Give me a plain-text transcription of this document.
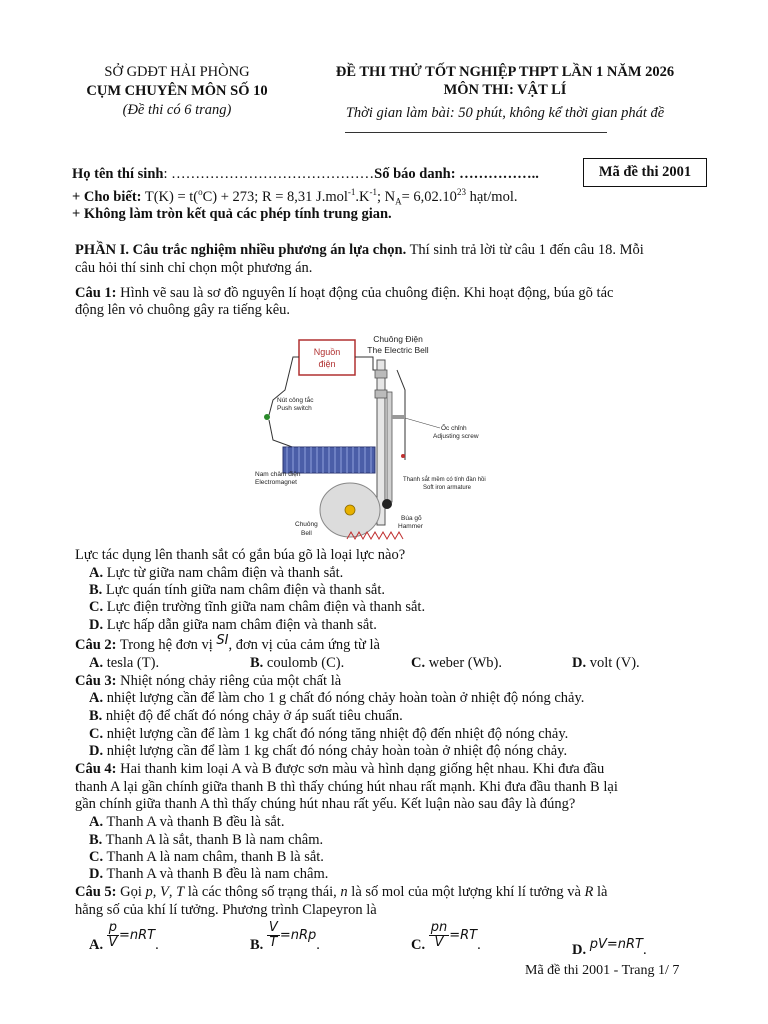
SỞ GDĐT HẢI PHÒNG
CỤM CHUYÊN MÔN SỐ 10
(Đề thi có 6 trang)
ĐỀ THI THỬ TỐT NGHIỆP THPT LẦN 1 NĂM 2026
MÔN THI: VẬT LÍ
Thời gian làm bài: 50 phút, không kể thời gian phát đề
Họ tên thí sinh: ……………………………………Số báo danh: ……………..	Mã đề thi 2001
+ Cho biết: T(K) = t($^o$C) + 273; R = 8,31 $J.mol^{-1}.K^{-1}$; $N_A= 6,02.10^{23}$ hạt/mol.
+ Không làm tròn kết quả các phép tính trung gian.
PHẦN I. Câu trắc nghiệm nhiều phương án lựa chọn. Thí sinh trả lời từ câu 1 đến câu 18. Mỗi
câu hỏi thí sinh chỉ chọn một phương án.
Câu 1: Hình vẽ sau là sơ đồ nguyên lí hoạt động của chuông điện. Khi hoạt động, búa gõ tác
động lên vỏ chuông gây ra tiếng kêu.
Nguồn
điện
Nút công tắc
Push switch
Chuông Điện
The Electric Bell
Ốc chỉnh
Adjusting screw
Nam châm điện
Electromagnet	Thanh sắt mềm có tính đàn hồi
Soft iron armature
Búa gõ
Hammer
Chuông
Bell
Lực tác dụng lên thanh sắt có gắn búa gõ là loại lực nào?
A. Lực từ giữa nam châm điện và thanh sắt.
B. Lực quán tính giữa nam châm điện và thanh sắt.
C. Lực điện trường tĩnh giữa nam châm điện và thanh sắt.
D. Lực hấp dẫn giữa nam châm điện và thanh sắt.
Câu 2: Trong hệ đơn vị SI, đơn vị của cảm ứng từ là
A. tesla (T).	B. coulomb (C).	C. weber (Wb).	D. volt (V).
Câu 3: Nhiệt nóng chảy riêng của một chất là
A. nhiệt lượng cần để làm cho 1 g chất đó nóng chảy hoàn toàn ở nhiệt độ nóng chảy.
B. nhiệt độ để chất đó nóng chảy ở áp suất tiêu chuẩn.
C. nhiệt lượng cần để làm 1 kg chất đó nóng tăng nhiệt độ đến nhiệt độ nóng chảy.
D. nhiệt lượng cần để làm 1 kg chất đó nóng chảy hoàn toàn ở nhiệt độ nóng chảy.
Câu 4: Hai thanh kim loại A và B được sơn màu và hình dạng giống hệt nhau. Khi đưa đầu
thanh A lại gần chính giữa thanh B thì thấy chúng hút nhau rất mạnh. Khi đưa đầu thanh B lại
gần chính giữa thanh A thì thấy chúng hút nhau rất yếu. Kết luận nào sau đây là đúng?
A. Thanh A và thanh B đều là sắt.
B. Thanh A là sắt, thanh B là nam châm.
C. Thanh A là nam châm, thanh B là sắt.
D. Thanh A và thanh B đều là nam châm.
Câu 5: Gọi p, V, T là các thông số trạng thái, n là số mol của một lượng khí lí tưởng và R là
hằng số của khí lí tưởng. Phương trình Clapeyron là
A. $\frac{p}{V} =nRT$.	B. $\frac{V}{T} =nRp$.	C. $\frac{pn}{V} =RT$.	D. pV=nRT.
Mã đề thi 2001 - Trang 1/ 7
